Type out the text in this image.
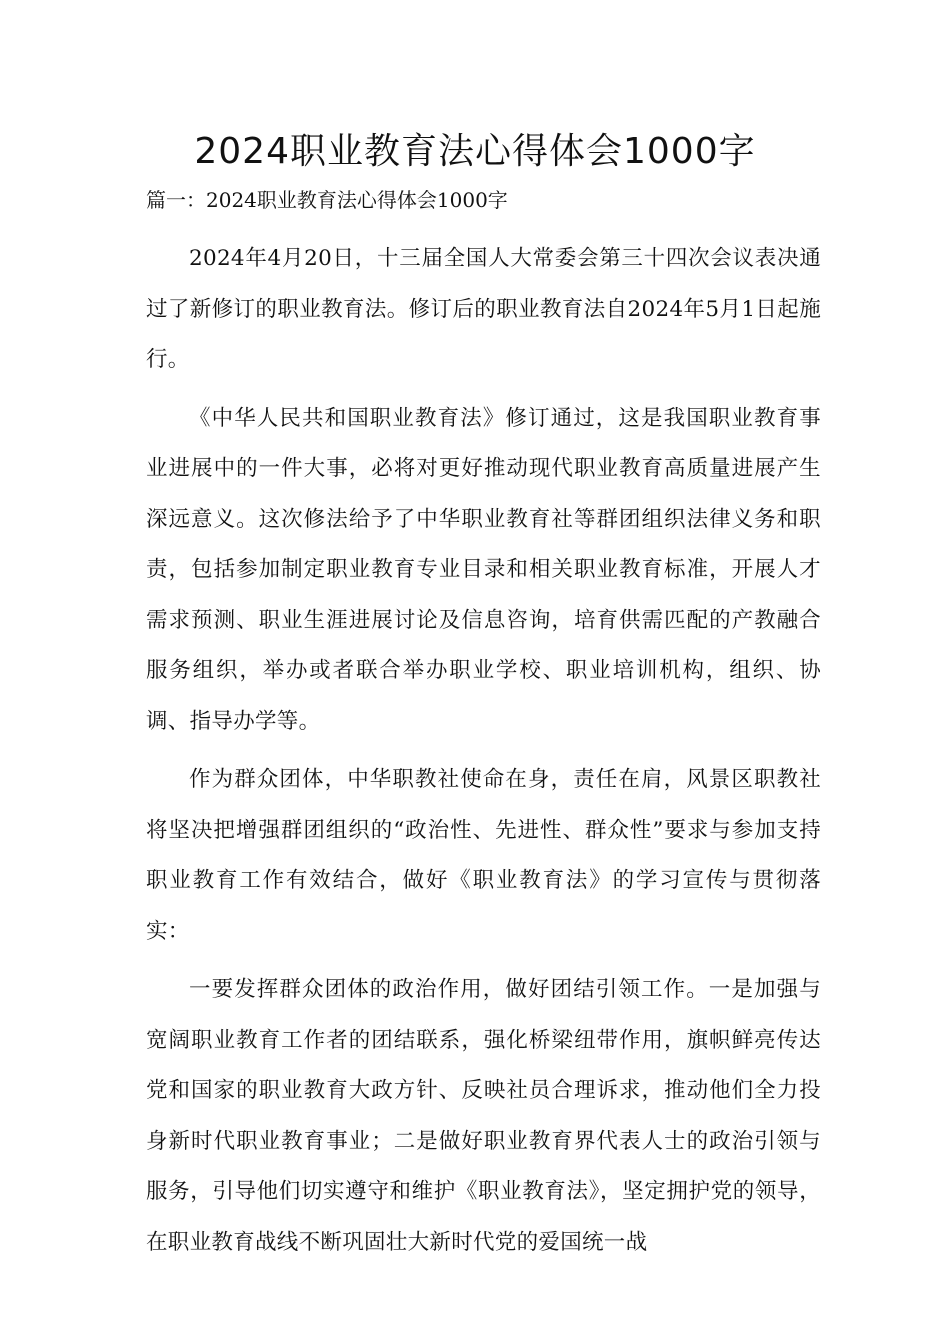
2024职业教育法心得体会1000字

篇一：2024职业教育法心得体会1000字

2024年4月20日，十三届全国人大常委会第三十四次会议表决通过了新修订的职业教育法。修订后的职业教育法自2024年5月1日起施行。

《中华人民共和国职业教育法》修订通过，这是我国职业教育事业进展中的一件大事，必将对更好推动现代职业教育高质量进展产生深远意义。这次修法给予了中华职业教育社等群团组织法律义务和职责，包括参加制定职业教育专业目录和相关职业教育标准，开展人才需求预测、职业生涯进展讨论及信息咨询，培育供需匹配的产教融合服务组织，举办或者联合举办职业学校、职业培训机构，组织、协调、指导办学等。

作为群众团体，中华职教社使命在身，责任在肩，风景区职教社将坚决把增强群团组织的“政治性、先进性、群众性”要求与参加支持职业教育工作有效结合，做好《职业教育法》的学习宣传与贯彻落实：

一要发挥群众团体的政治作用，做好团结引领工作。一是加强与宽阔职业教育工作者的团结联系，强化桥梁纽带作用，旗帜鲜亮传达党和国家的职业教育大政方针、反映社员合理诉求，推动他们全力投身新时代职业教育事业；二是做好职业教育界代表人士的政治引领与服务，引导他们切实遵守和维护《职业教育法》，坚定拥护党的领导，在职业教育战线不断巩固壮大新时代党的爱国统一战
